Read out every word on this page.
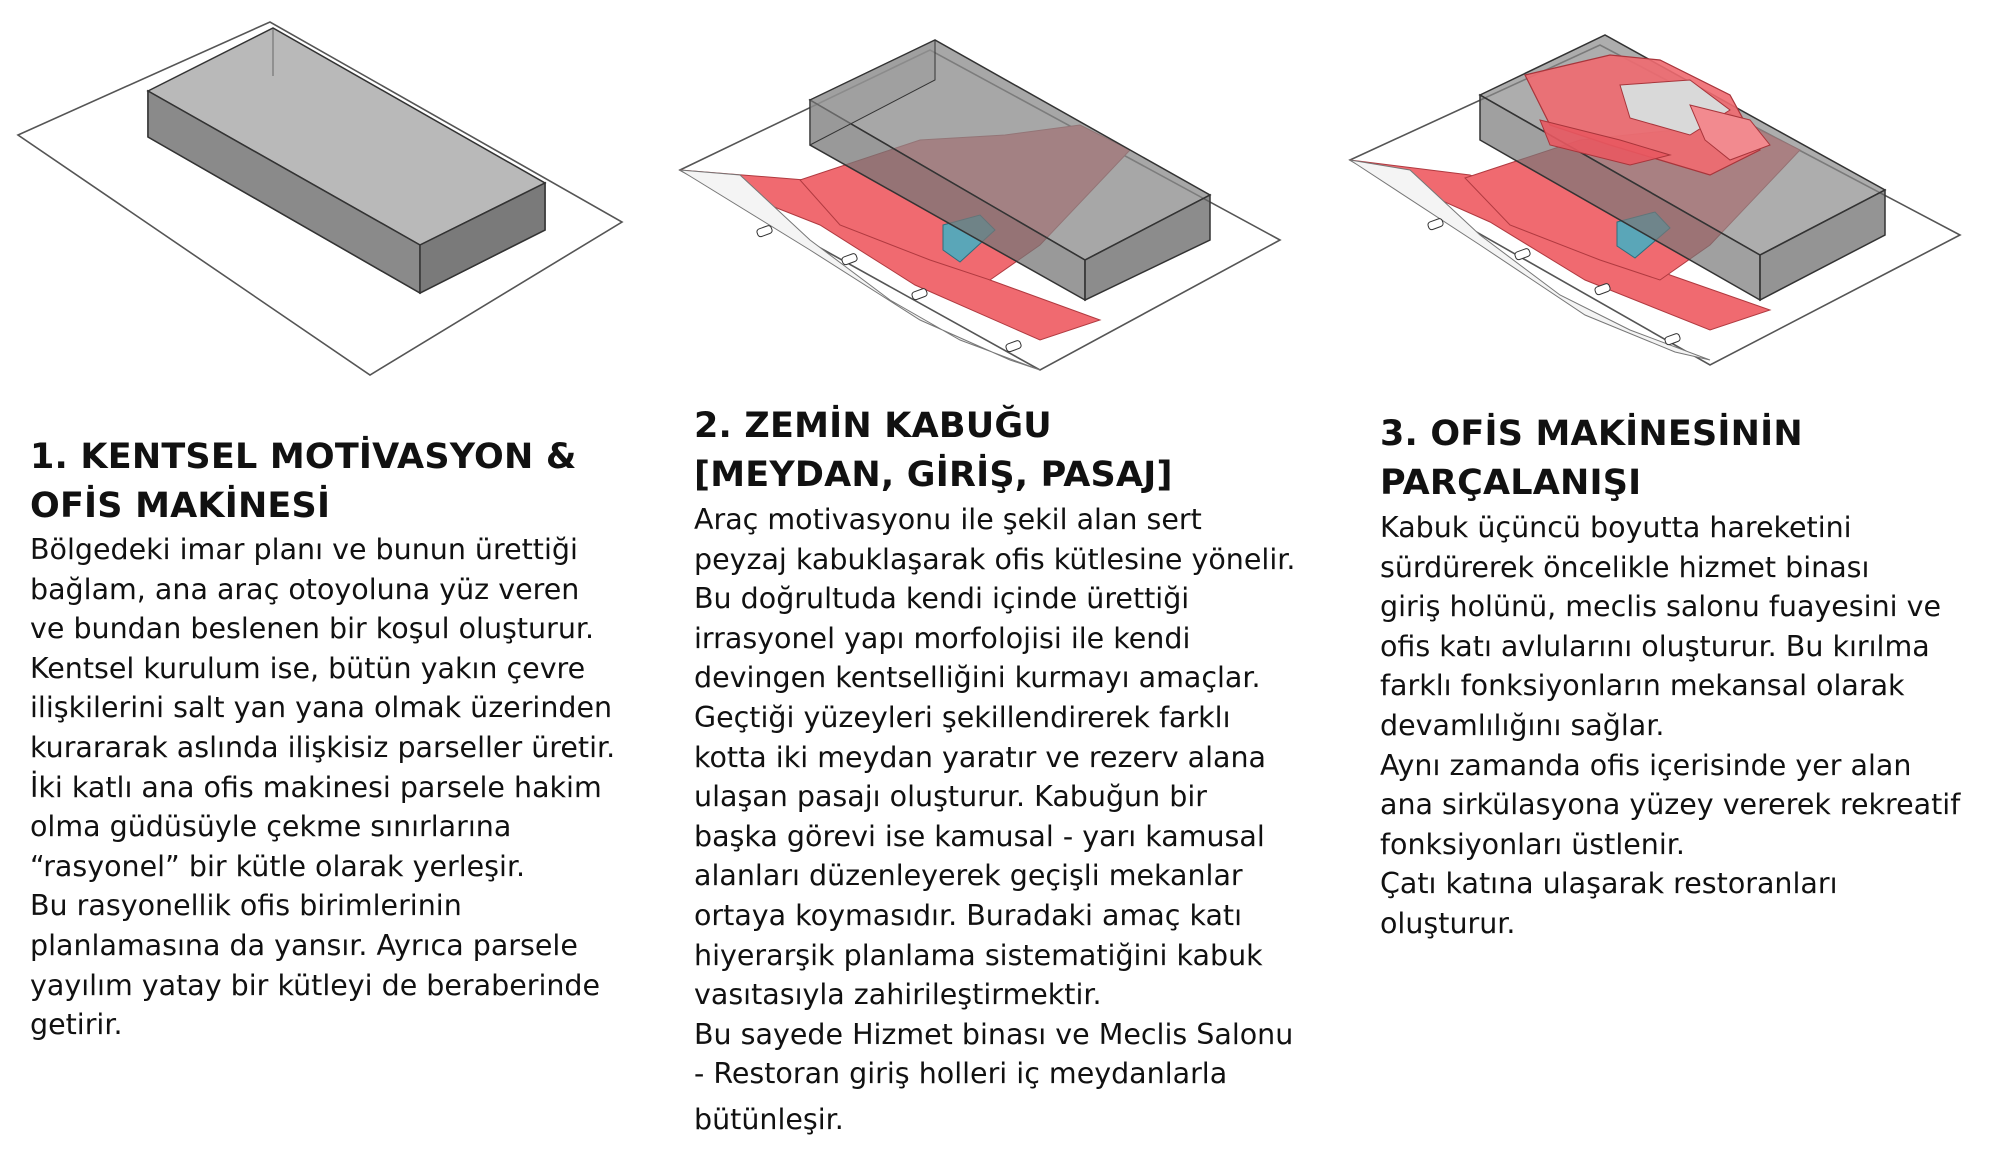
1. KENTSEL MOTİVASYON &
OFİS MAKİNESİ
Bölgedeki imar planı ve bunun ürettiği
bağlam, ana araç otoyoluna yüz veren
ve bundan beslenen bir koşul oluşturur.
Kentsel kurulum ise, bütün yakın çevre
ilişkilerini salt yan yana olmak üzerinden
kurararak aslında ilişkisiz parseller üretir.
İki katlı ana ofis makinesi parsele hakim
olma güdüsüyle çekme sınırlarına
“rasyonel” bir kütle olarak yerleşir.
Bu rasyonellik ofis birimlerinin
planlamasına da yansır. Ayrıca parsele
yayılım yatay bir kütleyi de beraberinde
getirir.
2. ZEMİN KABUĞU
[MEYDAN, GİRİŞ, PASAJ]
Araç motivasyonu ile şekil alan sert
peyzaj kabuklaşarak ofis kütlesine yönelir.
Bu doğrultuda kendi içinde ürettiği
irrasyonel yapı morfolojisi ile kendi
devingen kentselliğini kurmayı amaçlar.
Geçtiği yüzeyleri şekillendirerek farklı
kotta iki meydan yaratır ve rezerv alana
ulaşan pasajı oluşturur. Kabuğun bir
başka görevi ise kamusal - yarı kamusal
alanları düzenleyerek geçişli mekanlar
ortaya koymasıdır. Buradaki amaç katı
hiyerarşik planlama sistematiğini kabuk
vasıtasıyla zahirileştirmektir.
Bu sayede Hizmet binası ve Meclis Salonu
- Restoran giriş holleri iç meydanlarla
bütünleşir.
3. OFİS MAKİNESİNİN
PARÇALANIŞI
Kabuk üçüncü boyutta hareketini
sürdürerek öncelikle hizmet binası
giriş holünü, meclis salonu fuayesini ve
ofis katı avlularını oluşturur. Bu kırılma
farklı fonksiyonların mekansal olarak
devamlılığını sağlar.
Aynı zamanda ofis içerisinde yer alan
ana sirkülasyona yüzey vererek rekreatif
fonksiyonları üstlenir.
Çatı katına ulaşarak restoranları
oluşturur.
